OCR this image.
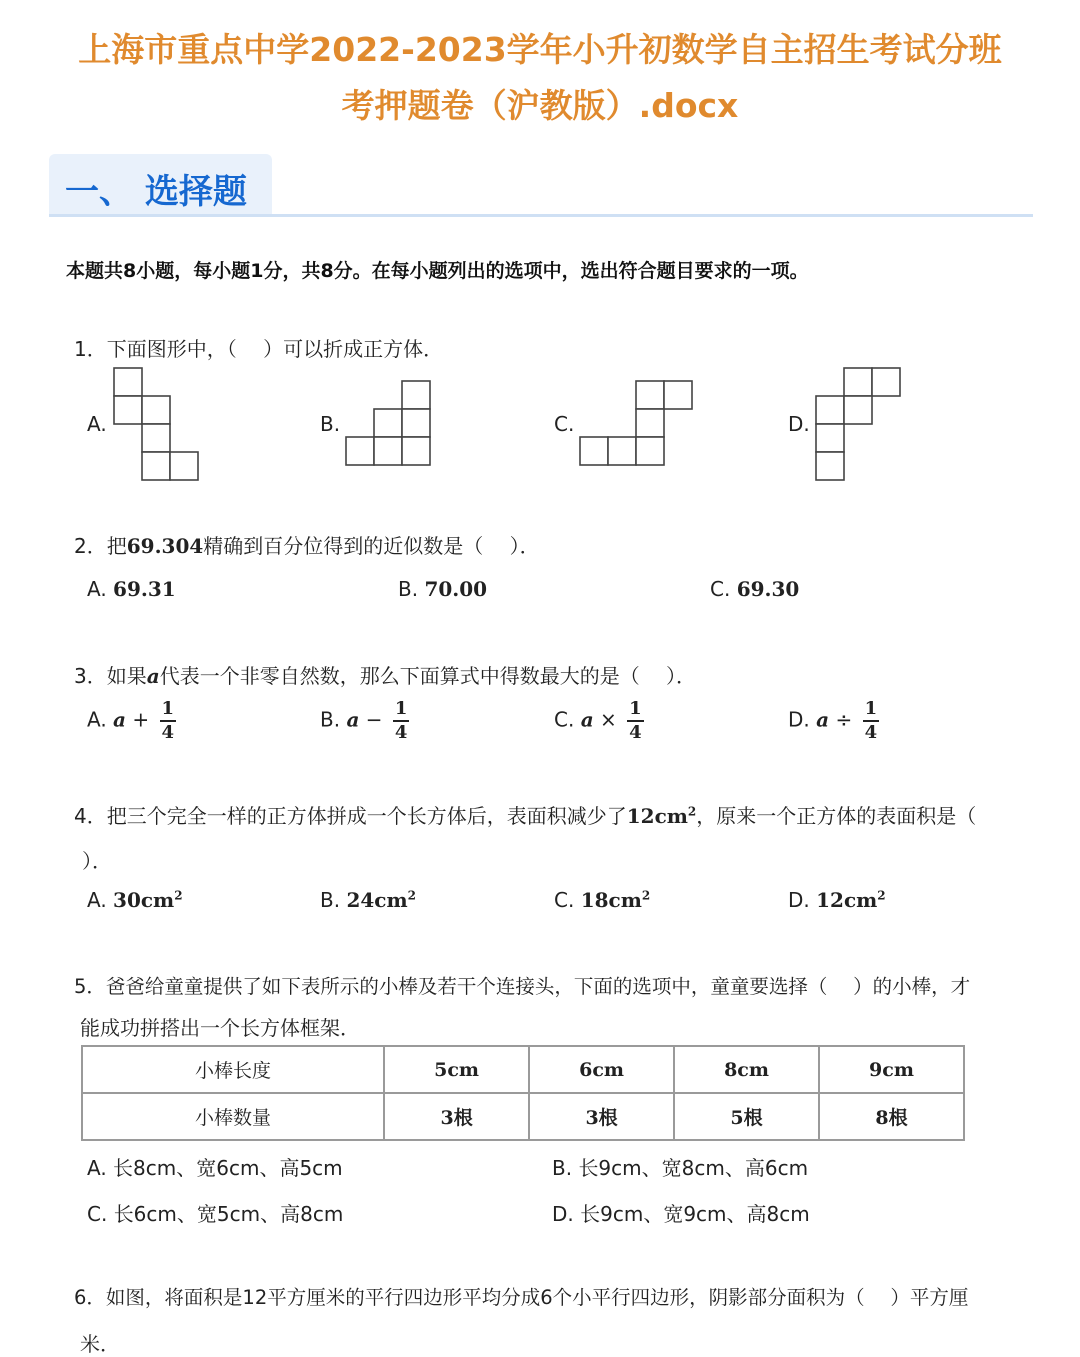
上海市重点中学2022-2023学年小升初数学自主招生考试分班
考押题卷（沪教版）.docx
一、 选择题
本题共8小题，每小题1分，共8分。在每小题列出的选项中，选出符合题目要求的一项。
1．下面图形中，（　 ）可以折成正方体．
A.	B.	C.	D.
2．把69.304精确到百分位得到的近似数是（　 ）．
A. 69.31	B. 70.00	C. 69.30
3．如果a代表一个非零自然数，那么下面算式中得数最大的是（　 ）．
A. $a + \frac{1}{4}$	B. $a - \frac{1}{4}$	C. $a \times \frac{1}{4}$	D. $a \div \frac{1}{4}$
4．把三个完全一样的正方体拼成一个长方体后，表面积减少了$12cm^2$，原来一个正方体的表面积是（
）．
A. $30cm^2$	B. $24cm^2$	C. $18cm^2$	D. $12cm^2$
5．爸爸给童童提供了如下表所示的小棒及若干个连接头，下面的选项中，童童要选择（　 ）的小棒，才
能成功拼搭出一个长方体框架．
小棒长度	5cm	6cm	8cm	9cm
小棒数量	3根	3根	5根	8根
A. 长8cm、宽6cm、高5cm	B. 长9cm、宽8cm、高6cm
C. 长6cm、宽5cm、高8cm	D. 长9cm、宽9cm、高8cm
6．如图，将面积是12平方厘米的平行四边形平均分成6个小平行四边形，阴影部分面积为（　 ）平方厘
米．
